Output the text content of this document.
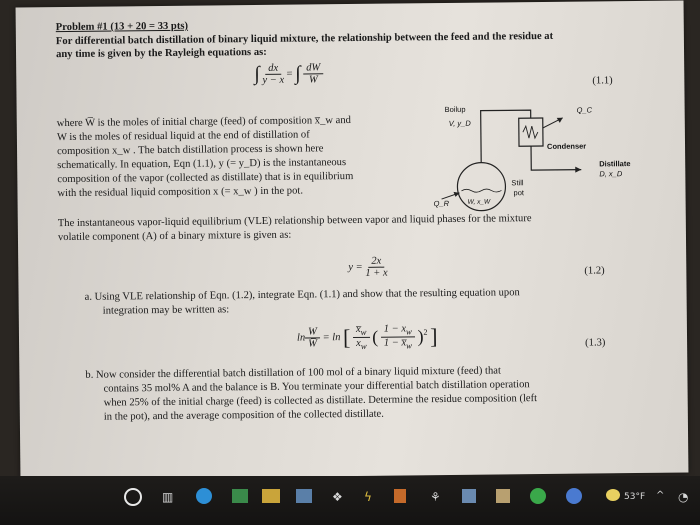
Problem #1 (13 + 20 = 33 pts)
For differential batch distillation of binary liquid mixture, the relationship between the feed and the residue at
any time is given by the Rayleigh equations as:
∫ $\frac{dx}{y - x}$ = ∫ $\frac{dW}{W}$	(1.1)
where W̅ is the moles of initial charge (feed) of composition x̅_w and
W is the moles of residual liquid at the end of distillation of
composition x_w . The batch distillation process is shown here
schematically. In equation, Eqn (1.1), y (= y_D) is the instantaneous
composition of the vapor (collected as distillate) that is in equilibrium
with the residual liquid composition x (= x_w ) in the pot.
Boilup
V, y_D
Q_C
Condenser
Distillate
D, x_D
Still
pot
Q_R	W, x_W
The instantaneous vapor-liquid equilibrium (VLE) relationship between vapor and liquid phases for the mixture
volatile component (A) of a binary mixture is given as:
$y = \frac{2x}{1 + x}$	(1.2)
a. Using VLE relationship of Eqn. (1.2), integrate Eqn. (1.1) and show that the resulting equation upon
integration may be written as:
$\ln \frac{W}{W̅} = \ln$ [ $\frac{x̅_w}{x_w}$ ( $\frac{1 - x_w}{1 - x̅_w} )^2$ ]	(1.3)
b. Now consider the differential batch distillation of 100 mol of a binary liquid mixture (feed) that
contains 35 mol% A and the balance is B. You terminate your differential batch distillation operation
when 25% of the initial charge (feed) is collected as distillate. Determine the residue composition (left
in the pot), and the average composition of the collected distillate.
▥	❖ ϟ	⚘	53°F ^ ◔
